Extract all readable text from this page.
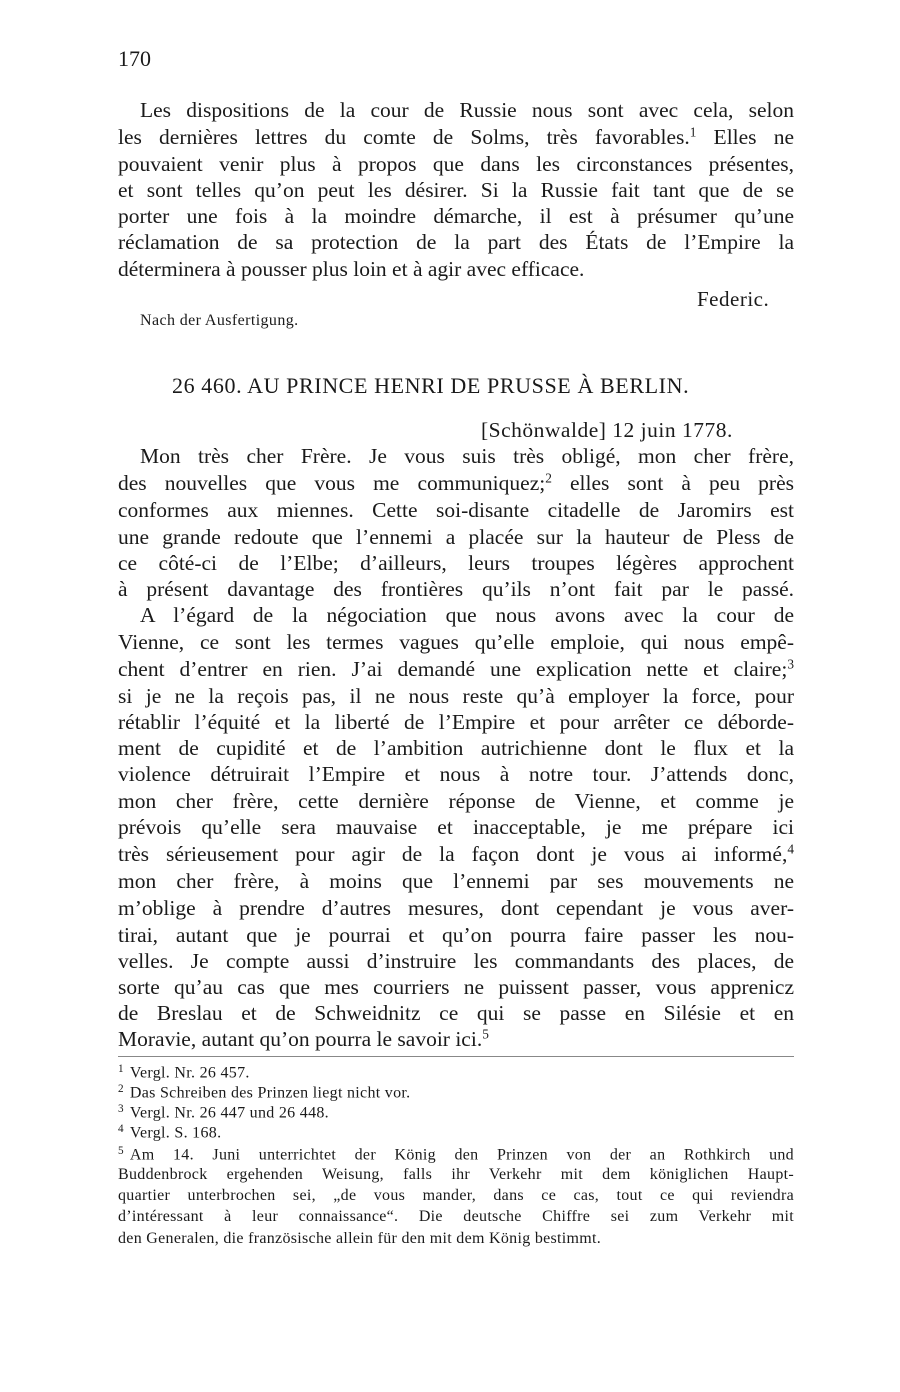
170
Les dispositions de la cour de Russie nous sont avec cela, selon
les dernières lettres du comte de Solms, très favorables.$^1$ Elles ne
pouvaient venir plus à propos que dans les circonstances présentes,
et sont telles qu’on peut les désirer. Si la Russie fait tant que de se
porter une fois à la moindre démarche, il est à présumer qu’une
réclamation de sa protection de la part des États de l’Empire la
déterminera à pousser plus loin et à agir avec efficace.
Federic.
Nach der Ausfertigung.
26 460. AU PRINCE HENRI DE PRUSSE À BERLIN.
[Schönwalde] 12 juin 1778.
Mon très cher Frère. Je vous suis très obligé, mon cher frère,
des nouvelles que vous me communiquez;$^2$ elles sont à peu près
conformes aux miennes. Cette soi-disante citadelle de Jaromirs est
une grande redoute que l’ennemi a placée sur la hauteur de Pless de
ce côté-ci de l’Elbe; d’ailleurs, leurs troupes légères approchent
à présent davantage des frontières qu’ils n’ont fait par le passé.
A l’égard de la négociation que nous avons avec la cour de
Vienne, ce sont les termes vagues qu’elle emploie, qui nous empê-
chent d’entrer en rien. J’ai demandé une explication nette et claire;$^3$
si je ne la reçois pas, il ne nous reste qu’à employer la force, pour
rétablir l’équité et la liberté de l’Empire et pour arrêter ce déborde-
ment de cupidité et de l’ambition autrichienne dont le flux et la
violence détruirait l’Empire et nous à notre tour. J’attends donc,
mon cher frère, cette dernière réponse de Vienne, et comme je
prévois qu’elle sera mauvaise et inacceptable, je me prépare ici
très sérieusement pour agir de la façon dont je vous ai informé,$^4$
mon cher frère, à moins que l’ennemi par ses mouvements ne
m’oblige à prendre d’autres mesures, dont cependant je vous aver-
tirai, autant que je pourrai et qu’on pourra faire passer les nou-
velles. Je compte aussi d’instruire les commandants des places, de
sorte qu’au cas que mes courriers ne puissent passer, vous apprenicz
de Breslau et de Schweidnitz ce qui se passe en Silésie et en
Moravie, autant qu’on pourra le savoir ici.$^5$
$^1$ Vergl. Nr. 26 457.
$^2$ Das Schreiben des Prinzen liegt nicht vor.
$^3$ Vergl. Nr. 26 447 und 26 448.
$^4$ Vergl. S. 168.
$^5$ Am 14. Juni unterrichtet der König den Prinzen von der an Rothkirch und
Buddenbrock ergehenden Weisung, falls ihr Verkehr mit dem königlichen Haupt-
quartier unterbrochen sei, „de vous mander, dans ce cas, tout ce qui reviendra
d’intéressant à leur connaissance“. Die deutsche Chiffre sei zum Verkehr mit
den Generalen, die französische allein für den mit dem König bestimmt.
